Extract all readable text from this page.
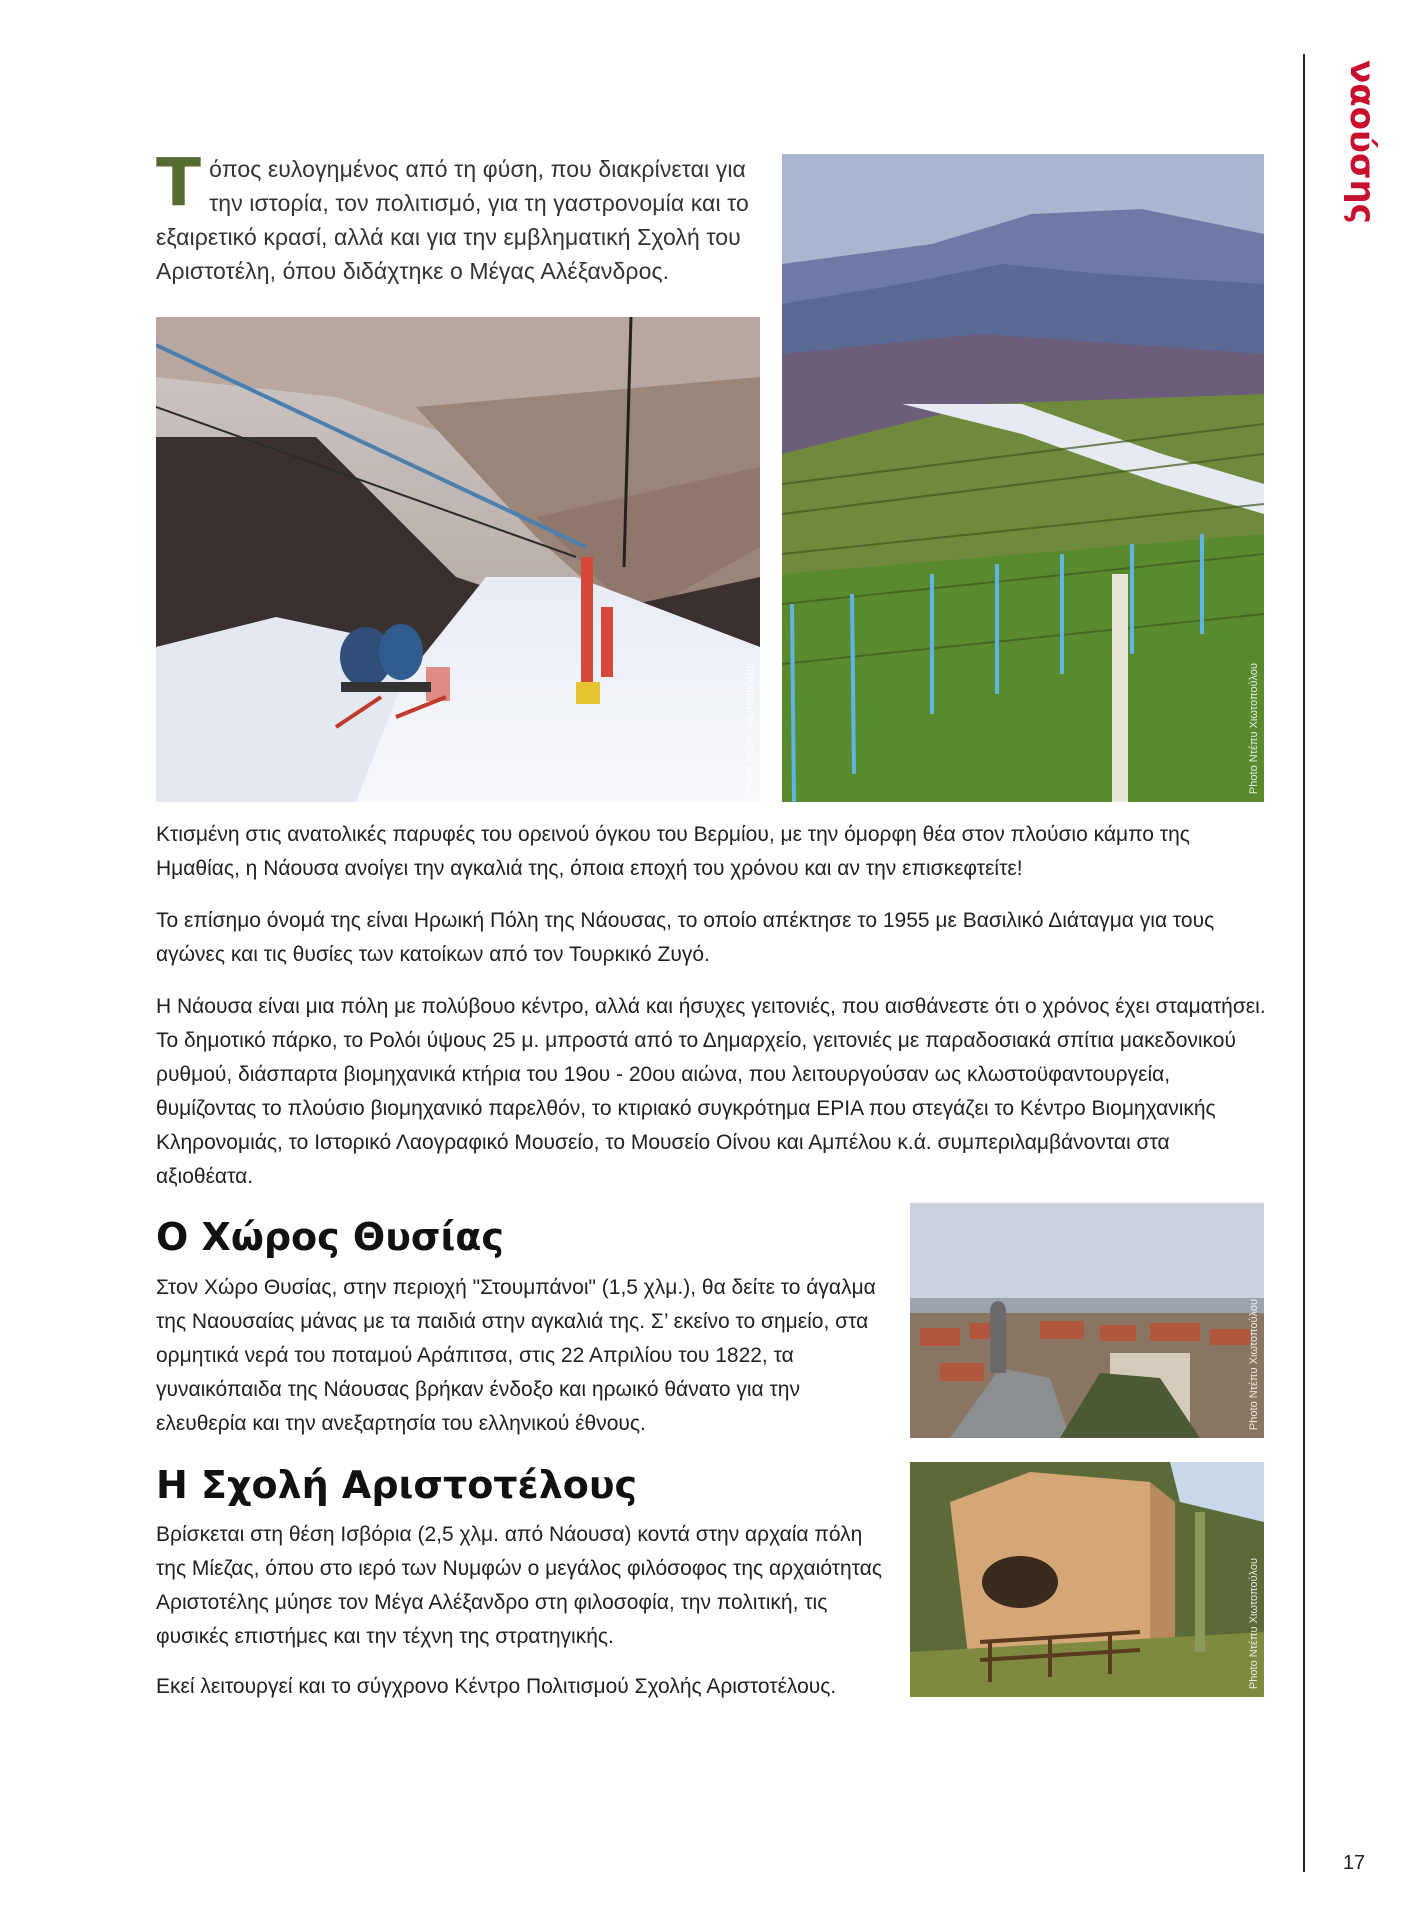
ναούσης
17
Τόπος ευλογημένος από τη φύση, που διακρίνεται για την ιστορία, τον πολιτισμό, για τη γαστρονομία και το εξαιρετικό κρασί, αλλά και για την εμβληματική Σχολή του Αριστοτέλη, όπου διδάχτηκε ο Μέγας Αλέξανδρος.
Photo Ντέπυ Χιωτοπούλου	Photo Ντέπυ Χιωτοπούλου
Κτισμένη στις ανατολικές παρυφές του ορεινού όγκου του Βερμίου, με την όμορφη θέα στον πλούσιο κάμπο της Ημαθίας, η Νάουσα ανοίγει την αγκαλιά της, όποια εποχή του χρόνου και αν την επισκεφτείτε!
Το επίσημο όνομά της είναι Ηρωική Πόλη της Νάουσας, το οποίο απέκτησε το 1955 με Βασιλικό Διάταγμα για τους αγώνες και τις θυσίες των κατοίκων από τον Τουρκικό Ζυγό.
Η Νάουσα είναι μια πόλη με πολύβουο κέντρο, αλλά και ήσυχες γειτονιές, που αισθάνεστε ότι ο χρόνος έχει σταματήσει. Το δημοτικό πάρκο, το Ρολόι ύψους 25 μ. μπροστά από το Δημαρχείο, γειτονιές με παραδοσιακά σπίτια μακεδονικού ρυθμού, διάσπαρτα βιομηχανικά κτήρια του 19ου - 20ου αιώνα, που λειτουργούσαν ως κλωστοϋφαντουργεία, θυμίζοντας το πλούσιο βιομηχανικό παρελθόν, το κτιριακό συγκρότημα ΕΡΙΑ που στεγάζει το Κέντρο Βιομηχανικής Κληρονομιάς, το Ιστορικό Λαογραφικό Μουσείο, το Μουσείο Οίνου και Αμπέλου κ.ά. συμπεριλαμβάνονται στα αξιοθέατα.
Ο Χώρος Θυσίας
Στον Χώρο Θυσίας, στην περιοχή "Στουμπάνοι" (1,5 χλμ.), θα δείτε το άγαλμα της Ναουσαίας μάνας με τα παιδιά στην αγκαλιά της. Σ’ εκείνο το σημείο, στα ορμητικά νερά του ποταμού Αράπιτσα, στις 22 Απριλίου του 1822, τα γυναικόπαιδα της Νάουσας βρήκαν ένδοξο και ηρωικό θάνατο για την ελευθερία και την ανεξαρτησία του ελληνικού έθνους.	Photo Ντέπυ Χιωτοπούλου
Η Σχολή Αριστοτέλους
Βρίσκεται στη θέση Ισβόρια (2,5 χλμ. από Νάουσα) κοντά στην αρχαία πόλη της Μίεζας, όπου στο ιερό των Νυμφών ο μεγάλος φιλόσοφος της αρχαιότητας Αριστοτέλης μύησε τον Μέγα Αλέξανδρο στη φιλοσοφία, την πολιτική, τις φυσικές επιστήμες και την τέχνη της στρατηγικής.
Εκεί λειτουργεί και το σύγχρονο Κέντρο Πολιτισμού Σχολής Αριστοτέλους.	Photo Ντέπυ Χιωτοπούλου
